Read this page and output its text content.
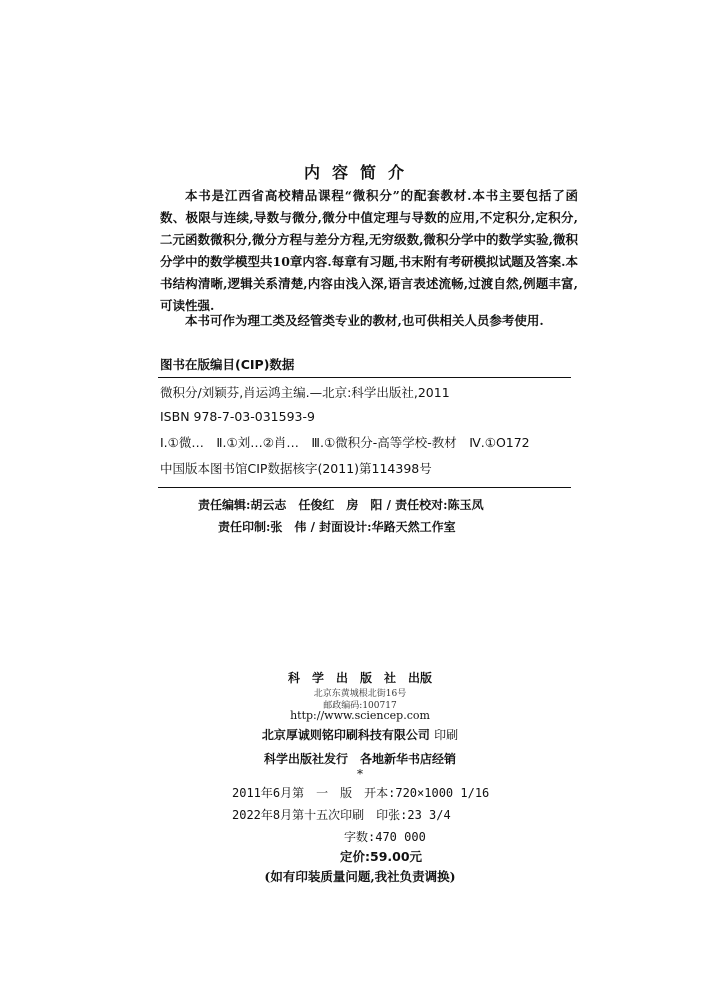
内容简介
本书是江西省高校精品课程“微积分”的配套教材.本书主要包括了函数、极限与连续,导数与微分,微分中值定理与导数的应用,不定积分,定积分,二元函数微积分,微分方程与差分方程,无穷级数,微积分学中的数学实验,微积分学中的数学模型共10章内容.每章有习题,书末附有考研模拟试题及答案.本书结构清晰,逻辑关系清楚,内容由浅入深,语言表述流畅,过渡自然,例题丰富,可读性强.
本书可作为理工类及经管类专业的教材,也可供相关人员参考使用.
图书在版编目(CIP)数据
微积分/刘颖芬,肖运鸿主编.—北京:科学出版社,2011
ISBN 978-7-03-031593-9
Ⅰ.①微…　Ⅱ.①刘…②肖…　Ⅲ.①微积分-高等学校-教材　Ⅳ.①O172
中国版本图书馆CIP数据核字(2011)第114398号
责任编辑:胡云志　任俊红　房　阳 / 责任校对:陈玉凤
责任印制:张　伟 / 封面设计:华路天然工作室
科学出版社出版
北京东黄城根北街16号
邮政编码:100717
http://www.sciencep.com
北京厚诚则铭印刷科技有限公司 印刷
科学出版社发行　各地新华书店经销
*
2011年6月第　一　版　开本:720×1000 1/16
2022年8月第十五次印刷　印张:23 3/4
字数:470 000
定价:59.00元
(如有印装质量问题,我社负责调换)
